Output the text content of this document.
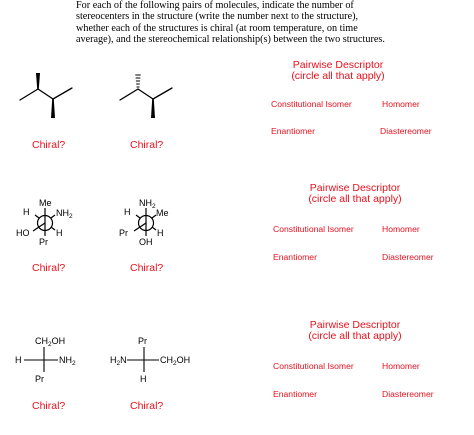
For each of the following pairs of molecules, indicate the number of
stereocenters in the structure (write the number next to the structure),
whether each of the structures is chiral (at room temperature, on time
average), and the stereochemical relationship(s) between the two structures.
Chiral?	Chiral?
Pairwise Descriptor
(circle all that apply)
Constitutional Isomer	Homomer
Enantiomer	Diastereomer
Me
H	$NH_2$
HO	H
Pr
$NH_2$
H	Me
Pr	H
OH
Chiral?	Chiral?
Pairwise Descriptor
(circle all that apply)
Constitutional Isomer	Homomer
Enantiomer	Diastereomer
$CH_2OH$
H	$NH_2$
Pr
Pr
$H_2N$	$CH_2OH$
H
Chiral?	Chiral?
Pairwise Descriptor
(circle all that apply)
Constitutional Isomer	Homomer
Enantiomer	Diastereomer
